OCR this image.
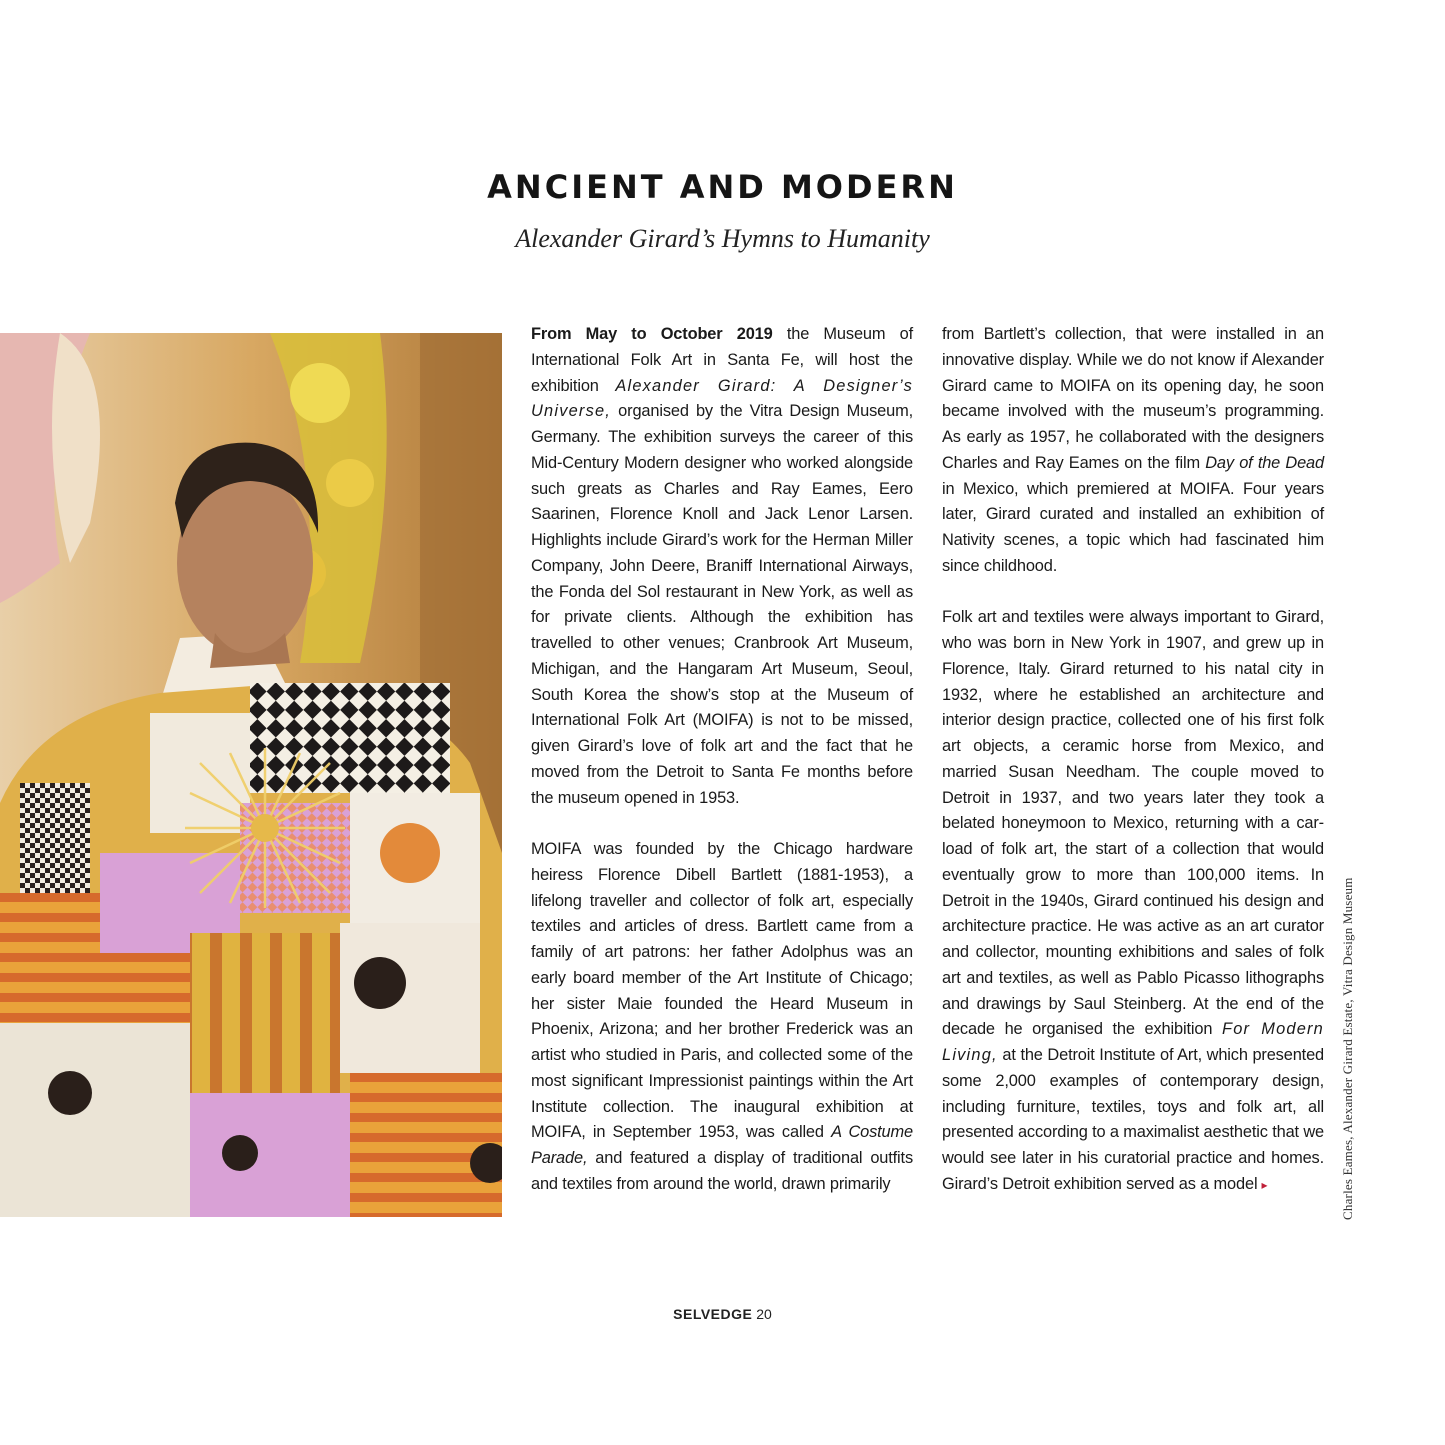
ANCIENT AND MODERN
Alexander Girard’s Hymns to Humanity

From May to October 2019 the Museum of International Folk Art in Santa Fe, will host the exhibition Alexander Girard: A Designer’s Universe, organised by the Vitra Design Museum, Germany. The exhibition surveys the career of this Mid-Century Modern designer who worked alongside such greats as Charles and Ray Eames, Eero Saarinen, Florence Knoll and Jack Lenor Larsen. Highlights include Girard’s work for the Herman Miller Company, John Deere, Braniff International Airways, the Fonda del Sol restaurant in New York, as well as for private clients. Although the exhibition has travelled to other venues; Cranbrook Art Museum, Michigan, and the Hangaram Art Museum, Seoul, South Korea the show’s stop at the Museum of International Folk Art (MOIFA) is not to be missed, given Girard’s love of folk art and the fact that he moved from the Detroit to Santa Fe months before the museum opened in 1953.

MOIFA was founded by the Chicago hardware heiress Florence Dibell Bartlett (1881-1953), a lifelong traveller and collector of folk art, especially textiles and articles of dress. Bartlett came from a family of art patrons: her father Adolphus was an early board member of the Art Institute of Chicago; her sister Maie founded the Heard Museum in Phoenix, Arizona; and her brother Frederick was an artist who studied in Paris, and collected some of the most significant Impressionist paintings within the Art Institute collection. The inaugural exhibition at MOIFA, in September 1953, was called A Costume Parade, and featured a display of traditional outfits and textiles from around the world, drawn primarily

from Bartlett’s collection, that were installed in an innovative display. While we do not know if Alexander Girard came to MOIFA on its opening day, he soon became involved with the museum’s programming. As early as 1957, he collaborated with the designers Charles and Ray Eames on the film Day of the Dead in Mexico, which premiered at MOIFA. Four years later, Girard curated and installed an exhibition of Nativity scenes, a topic which had fascinated him since childhood.

Folk art and textiles were always important to Girard, who was born in New York in 1907, and grew up in Florence, Italy. Girard returned to his natal city in 1932, where he established an architecture and interior design practice, collected one of his first folk art objects, a ceramic horse from Mexico, and married Susan Needham. The couple moved to Detroit in 1937, and two years later they took a belated honeymoon to Mexico, returning with a car-load of folk art, the start of a collection that would eventually grow to more than 100,000 items. In Detroit in the 1940s, Girard continued his design and architecture practice. He was active as an art curator and collector, mounting exhibitions and sales of folk art and textiles, as well as Pablo Picasso lithographs and drawings by Saul Steinberg. At the end of the decade he organised the exhibition For Modern Living, at the Detroit Institute of Art, which presented some 2,000 examples of contemporary design, including furniture, textiles, toys and folk art, all presented according to a maximalist aesthetic that we would see later in his curatorial practice and homes. Girard’s Detroit exhibition served as a model ▸	Charles Eames, Alexander Girard Estate, Vitra Design Museum
SELVEDGE 20
